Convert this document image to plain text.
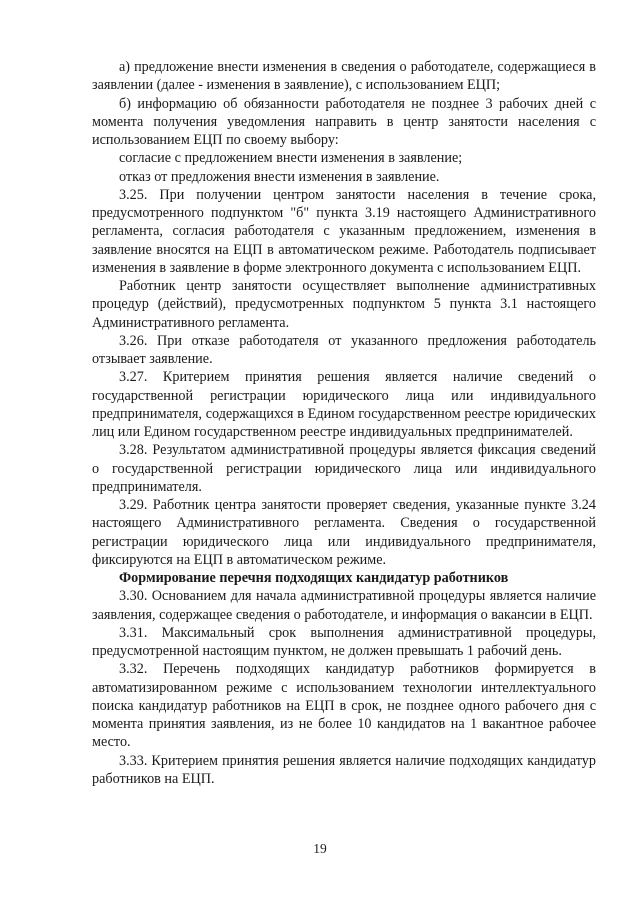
а) предложение внести изменения в сведения о работодателе, содержащиеся в заявлении (далее - изменения в заявление), с использованием ЕЦП;

б) информацию об обязанности работодателя не позднее 3 рабочих дней с момента получения уведомления направить в центр занятости населения с использованием ЕЦП по своему выбору:

согласие с предложением внести изменения в заявление;

отказ от предложения внести изменения в заявление.

3.25. При получении центром занятости населения в течение срока, предусмотренного подпунктом "б" пункта 3.19 настоящего Административного регламента, согласия работодателя с указанным предложением, изменения в заявление вносятся на ЕЦП в автоматическом режиме. Работодатель подписывает изменения в заявление в форме электронного документа с использованием ЕЦП.

Работник центр занятости осуществляет выполнение административных процедур (действий), предусмотренных подпунктом 5 пункта 3.1 настоящего Административного регламента.

3.26. При отказе работодателя от указанного предложения работодатель отзывает заявление.

3.27. Критерием принятия решения является наличие сведений о государственной регистрации юридического лица или индивидуального предпринимателя, содержащихся в Едином государственном реестре юридических лиц или Едином государственном реестре индивидуальных предпринимателей.

3.28. Результатом административной процедуры является фиксация сведений о государственной регистрации юридического лица или индивидуального предпринимателя.

3.29. Работник центра занятости проверяет сведения, указанные пункте 3.24 настоящего Административного регламента. Сведения о государственной регистрации юридического лица или индивидуального предпринимателя, фиксируются на ЕЦП в автоматическом режиме.

Формирование перечня подходящих кандидатур работников

3.30. Основанием для начала административной процедуры является наличие заявления, содержащее сведения о работодателе, и информация о вакансии в ЕЦП.

3.31. Максимальный срок выполнения административной процедуры, предусмотренной настоящим пунктом, не должен превышать 1 рабочий день.

3.32. Перечень подходящих кандидатур работников формируется в автоматизированном режиме с использованием технологии интеллектуального поиска кандидатур работников на ЕЦП в срок, не позднее одного рабочего дня с момента принятия заявления, из не более 10 кандидатов на 1 вакантное рабочее место.

3.33. Критерием принятия решения является наличие подходящих кандидатур работников на ЕЦП.

19
